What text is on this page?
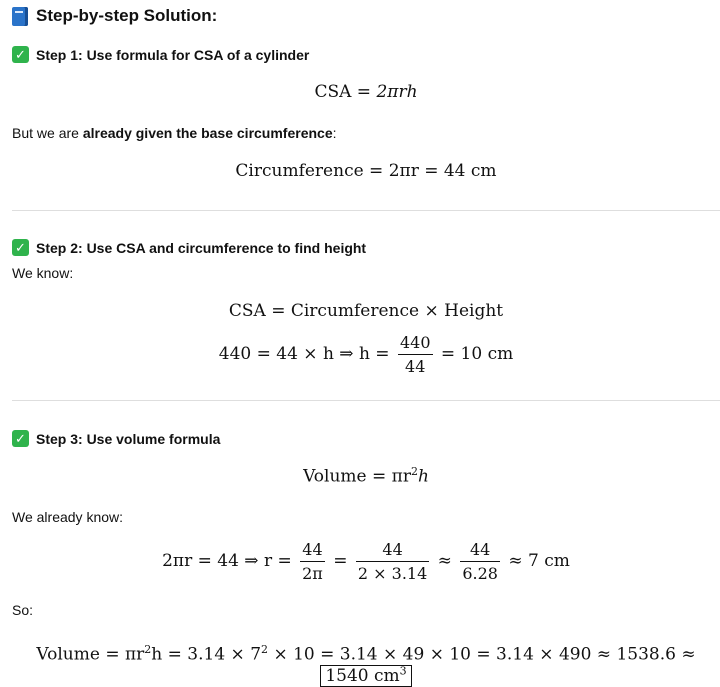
Step-by-step Solution:
✓ Step 1: Use formula for CSA of a cylinder
CSA = 2πrh
But we are already given the base circumference:
Circumference = 2πr = 44 cm
✓ Step 2: Use CSA and circumference to find height
We know:
CSA = Circumference × Height
440 = 44 × h ⇒ $h = \frac{440}{44} = 10$ cm
✓ Step 3: Use volume formula
Volume = $\pi r^2h$
We already know:
2πr = 44 ⇒ $r = \frac{44}{2\pi} = \frac{44}{2 \times 3.14} \approx \frac{44}{6.28} \approx 7$ cm
So:
Volume = $\pi r^2h = 3.14 \times 7^2 \times 10 = 3.14 \times 49 \times 10 = 3.14 \times 490 \approx 1538.6 \approx 1540$ $cm^3$
